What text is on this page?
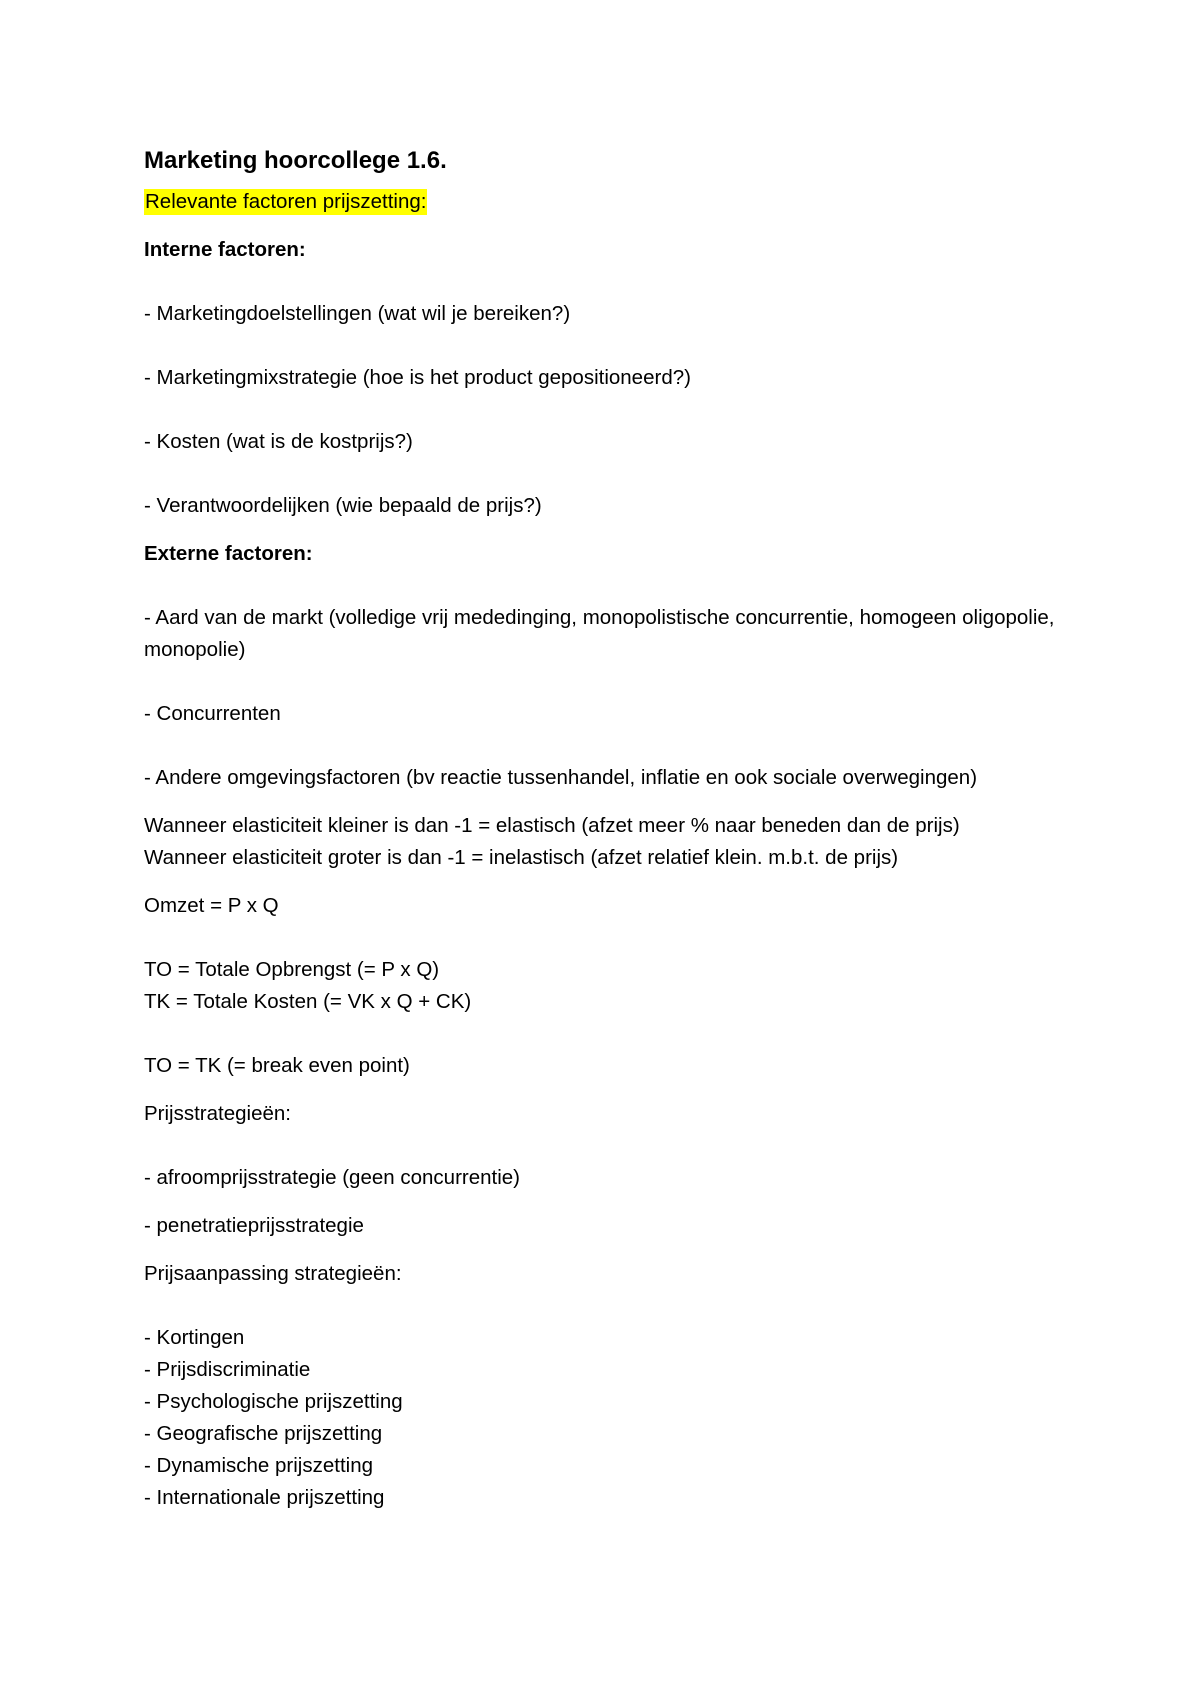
Marketing hoorcollege 1.6.
Relevante factoren prijszetting:
Interne factoren:
- Marketingdoelstellingen (wat wil je bereiken?)
- Marketingmixstrategie (hoe is het product gepositioneerd?)
- Kosten (wat is de kostprijs?)
- Verantwoordelijken (wie bepaald de prijs?)
Externe factoren:
- Aard van de markt (volledige vrij mededinging, monopolistische concurrentie, homogeen oligopolie, monopolie)
- Concurrenten
- Andere omgevingsfactoren (bv reactie tussenhandel, inflatie en ook sociale overwegingen)
Wanneer elasticiteit kleiner is dan -1 = elastisch (afzet meer % naar beneden dan de prijs)
Wanneer elasticiteit groter is dan -1 = inelastisch (afzet relatief klein. m.b.t. de prijs)
Omzet = P x Q
TO = Totale Opbrengst (= P x Q)
TK = Totale Kosten (= VK x Q + CK)
TO = TK (= break even point)
Prijsstrategieën:
- afroomprijsstrategie (geen concurrentie)
- penetratieprijsstrategie
Prijsaanpassing strategieën:
- Kortingen
- Prijsdiscriminatie
- Psychologische prijszetting
- Geografische prijszetting
- Dynamische prijszetting
- Internationale prijszetting
